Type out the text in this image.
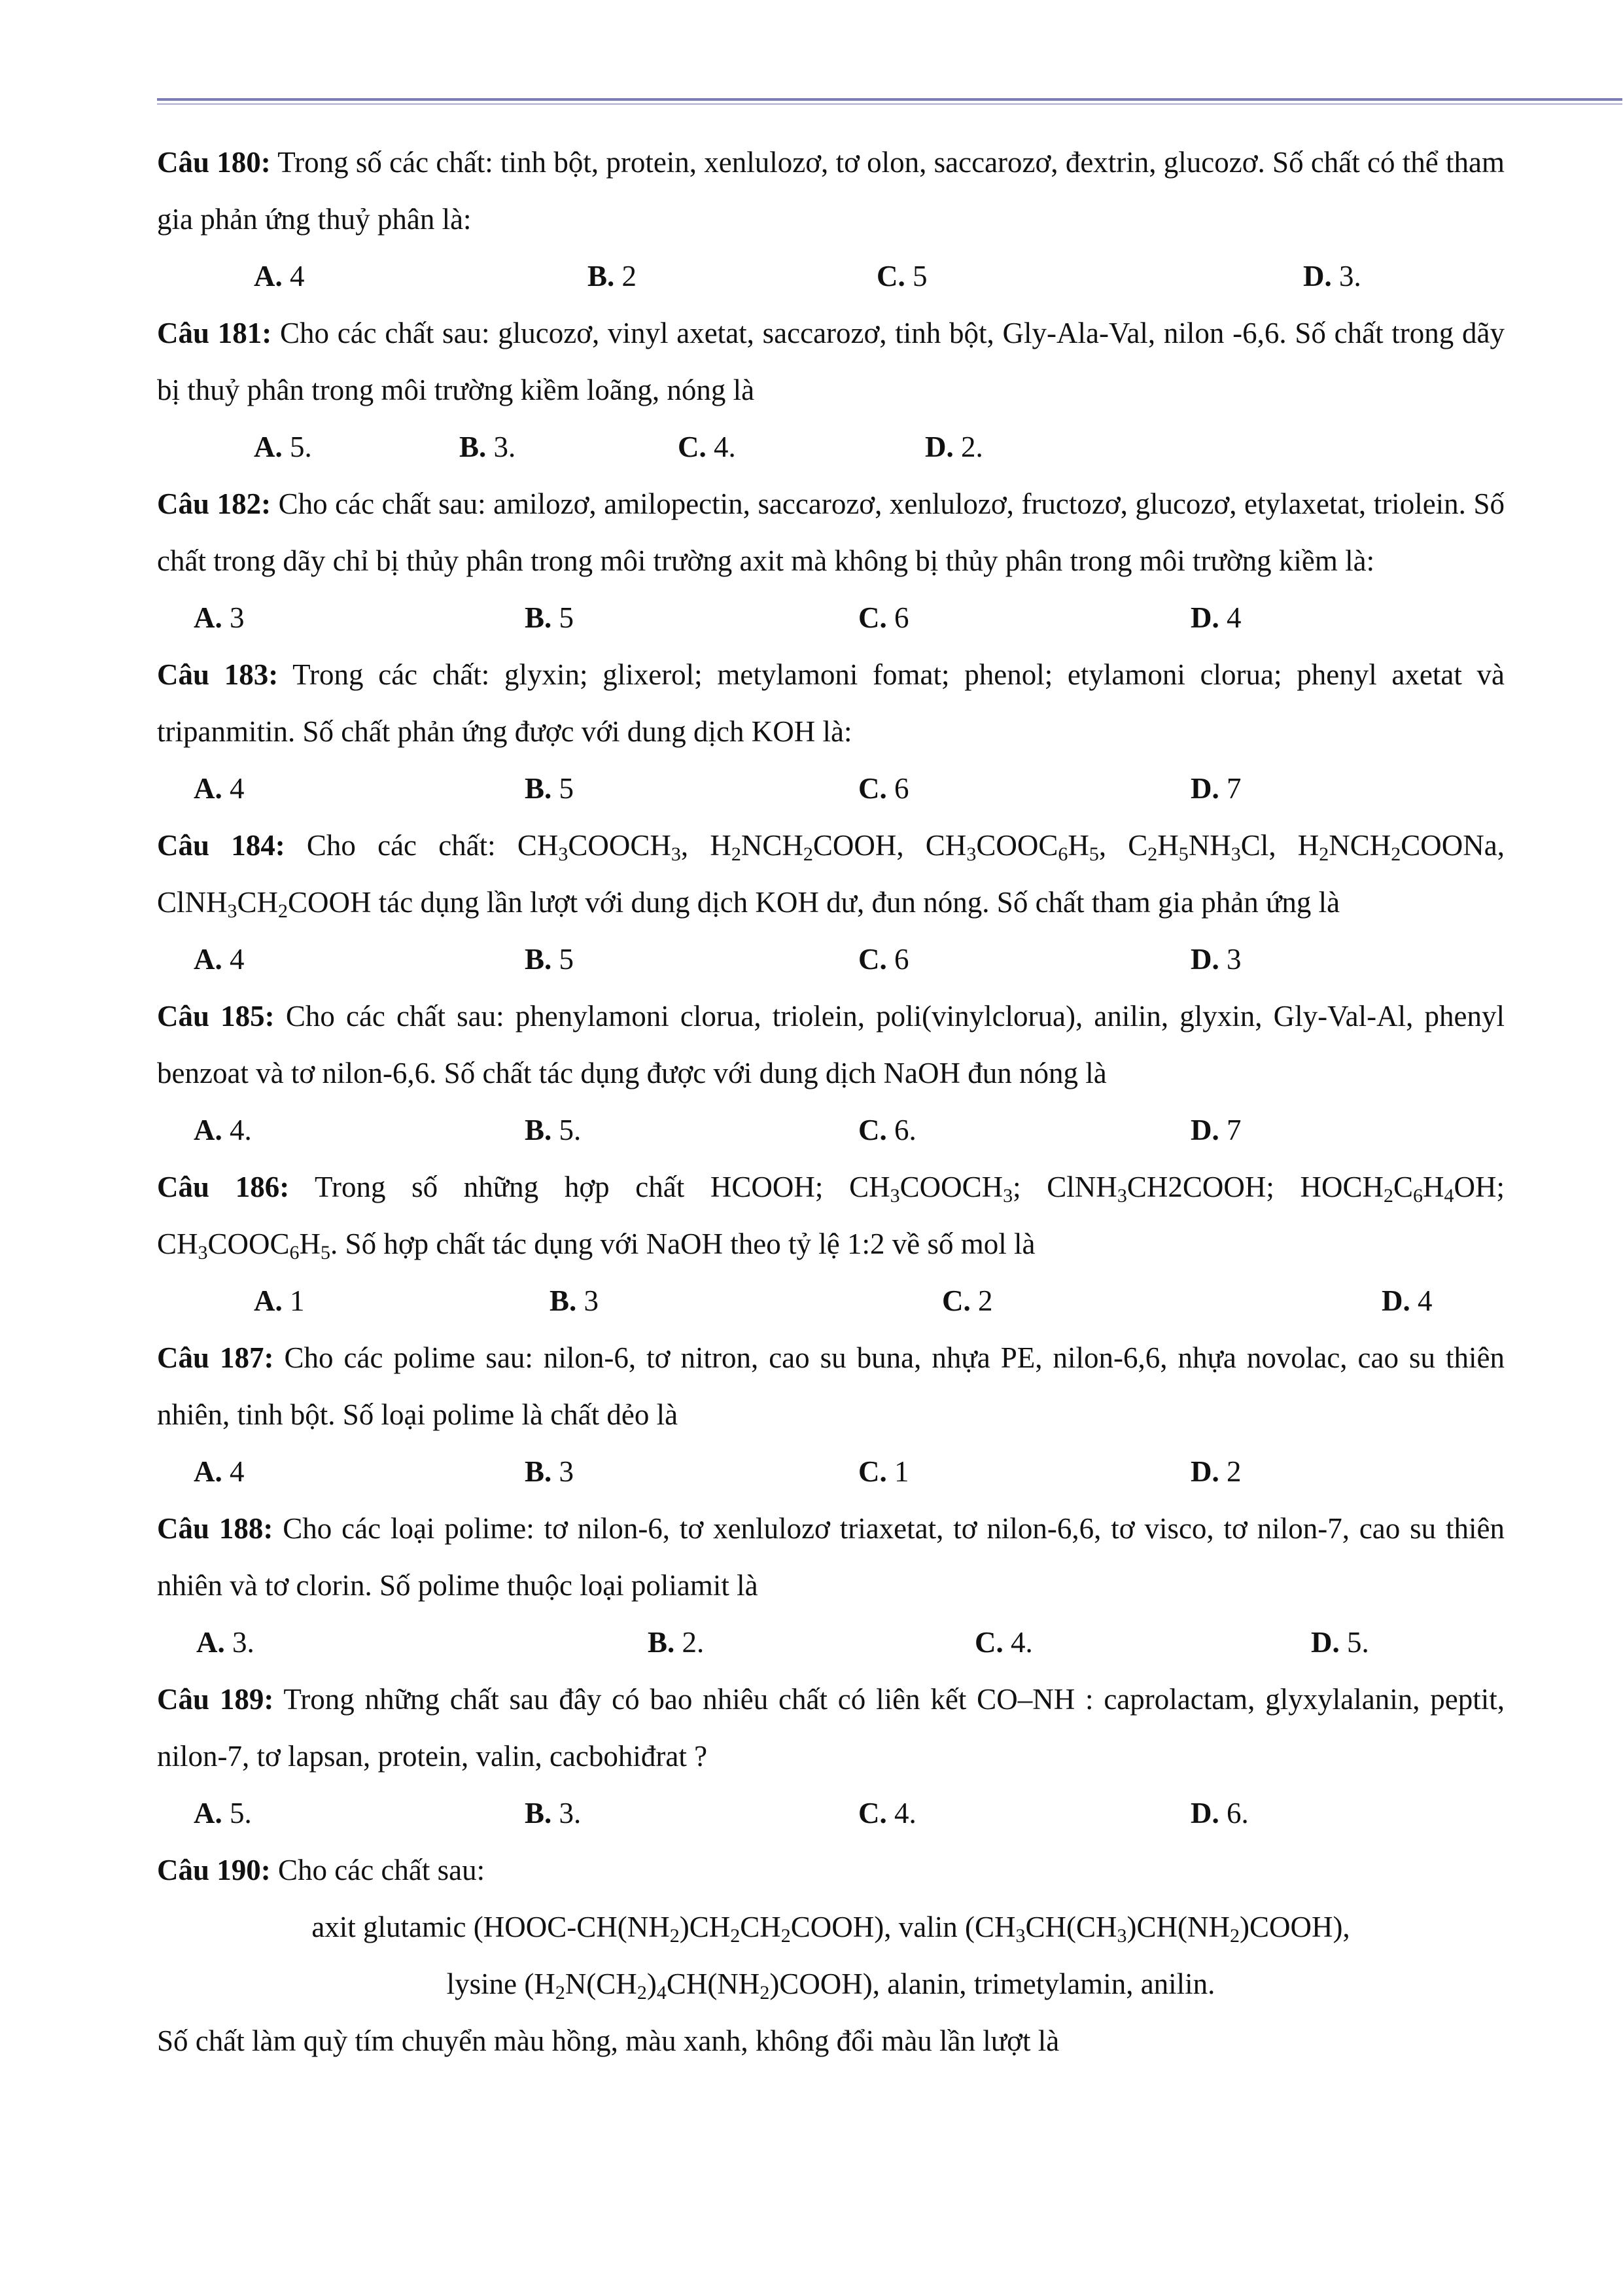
Câu 180: Trong số các chất: tinh bột, protein, xenlulozơ, tơ olon, saccarozơ, đextrin, glucozơ. Số chất có thể tham gia phản ứng thuỷ phân là:

A. 4	B. 2	C. 5	D. 3.

Câu 181: Cho các chất sau: glucozơ, vinyl axetat, saccarozơ, tinh bột, Gly-Ala-Val, nilon -6,6. Số chất trong dãy bị thuỷ phân trong môi trường kiềm loãng, nóng là

A. 5.	B. 3.	C. 4.	D. 2.

Câu 182: Cho các chất sau: amilozơ, amilopectin, saccarozơ, xenlulozơ, fructozơ, glucozơ, etylaxetat, triolein. Số chất trong dãy chỉ bị thủy phân trong môi trường axit mà không bị thủy phân trong môi trường kiềm là:

A. 3	B. 5	C. 6	D. 4

Câu 183: Trong các chất: glyxin; glixerol; metylamoni fomat; phenol; etylamoni clorua; phenyl axetat và tripanmitin. Số chất phản ứng được với dung dịch KOH là:

A. 4	B. 5	C. 6	D. 7

Câu 184: Cho các chất: $CH_3COOCH_3$, $H_2NCH_2COOH$, $CH_3COOC_6H_5$, $C_2H_5NH_3Cl$, $H_2NCH_2COONa$, $ClNH_3CH_2COOH$ tác dụng lần lượt với dung dịch KOH dư, đun nóng. Số chất tham gia phản ứng là

A. 4	B. 5	C. 6	D. 3

Câu 185: Cho các chất sau: phenylamoni clorua, triolein, poli(vinylclorua), anilin, glyxin, Gly-Val-Al, phenyl benzoat và tơ nilon-6,6. Số chất tác dụng được với dung dịch NaOH đun nóng là

A. 4.	B. 5.	C. 6.	D. 7

Câu 186: Trong số những hợp chất HCOOH; $CH_3COOCH_3$; ClNH$_3$CH2COOH; $HOCH_2C_6H_4OH$; $CH_3COOC_6H_5$. Số hợp chất tác dụng với NaOH theo tỷ lệ 1:2 về số mol là

A. 1	B. 3	C. 2	D. 4

Câu 187: Cho các polime sau: nilon-6, tơ nitron, cao su buna, nhựa PE, nilon-6,6, nhựa novolac, cao su thiên nhiên, tinh bột. Số loại polime là chất dẻo là

A. 4	B. 3	C. 1	D. 2

Câu 188: Cho các loại polime: tơ nilon-6, tơ xenlulozơ triaxetat, tơ nilon-6,6, tơ visco, tơ nilon-7, cao su thiên nhiên và tơ clorin. Số polime thuộc loại poliamit là

A. 3.	B. 2.	C. 4.	D. 5.

Câu 189: Trong những chất sau đây có bao nhiêu chất có liên kết CO–NH : caprolactam, glyxylalanin, peptit, nilon-7, tơ lapsan, protein, valin, cacbohiđrat ?

A. 5.	B. 3.	C. 4.	D. 6.

Câu 190: Cho các chất sau:

axit glutamic $(HOOC-CH(NH_2)CH_2CH_2COOH)$, valin $(CH_3CH(CH_3)CH(NH_2)COOH)$,

lysine $(H_2N(CH_2)_4CH(NH_2)COOH)$, alanin, trimetylamin, anilin.

Số chất làm quỳ tím chuyển màu hồng, màu xanh, không đổi màu lần lượt là
